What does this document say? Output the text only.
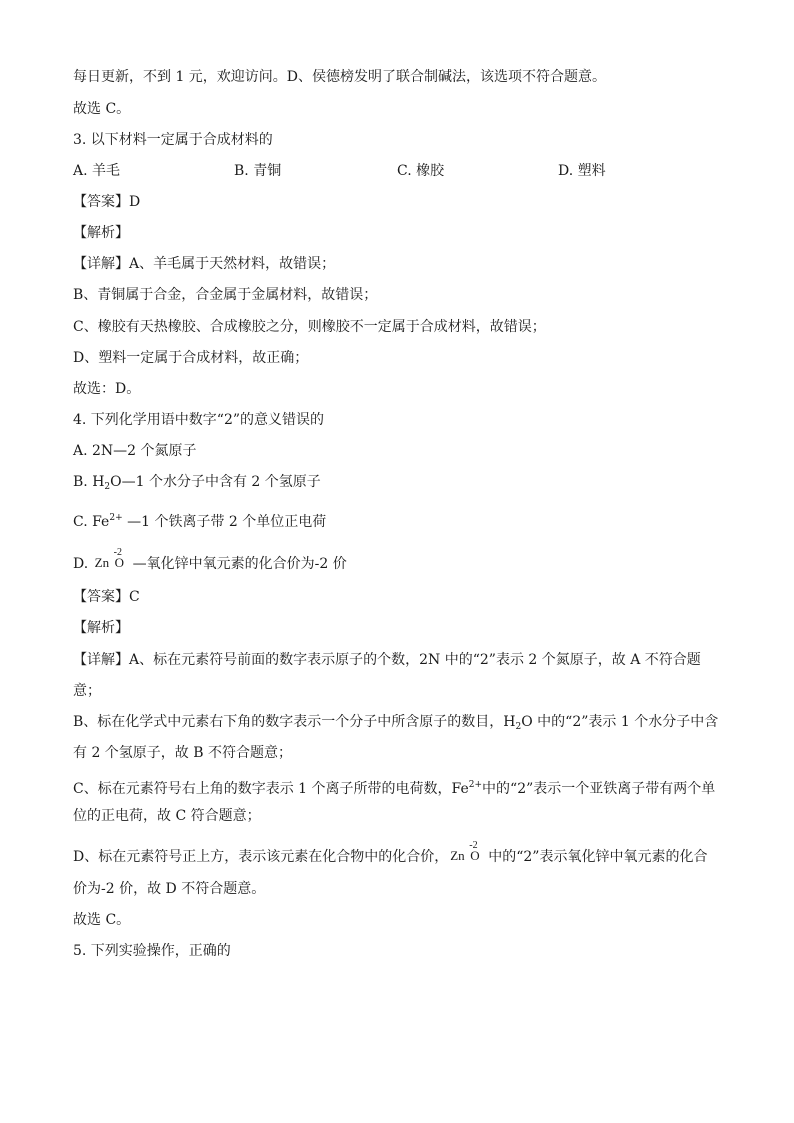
每日更新，不到 1 元，欢迎访问。D、侯德榜发明了联合制碱法，该选项不符合题意。
故选 C。
3. 以下材料一定属于合成材料的
A. 羊毛	B. 青铜	C. 橡胶	D. 塑料
【答案】D
【解析】
【详解】A、羊毛属于天然材料，故错误；
B、青铜属于合金，合金属于金属材料，故错误；
C、橡胶有天热橡胶、合成橡胶之分，则橡胶不一定属于合成材料，故错误；
D、塑料一定属于合成材料，故正确；
故选：D。
4. 下列化学用语中数字“2”的意义错误的
A. 2N—2 个氮原子
B. $H_2O—1$ 个水分子中含有 2 个氢原子
C. $Fe^{2+}$ —1 个铁离子带 2 个单位正电荷
D. Zn O
-2
—氧化锌中氧元素的化合价为-2 价
【答案】C
【解析】
【详解】A、标在元素符号前面的数字表示原子的个数，2N 中的“2”表示 2 个氮原子，故 A 不符合题
意；
B、标在化学式中元素右下角的数字表示一个分子中所含原子的数目，$H_2O$ 中的“2”表示 1 个水分子中含
有 2 个氢原子，故 B 不符合题意；
C、标在元素符号右上角的数字表示 1 个离子所带的电荷数，$Fe^{2+}$中的“2”表示一个亚铁离子带有两个单
位的正电荷，故 C 符合题意；
D、标在元素符号正上方，表示该元素在化合物中的化合价， Zn O
-2
中的“2”表示氧化锌中氧元素的化合
价为-2 价，故 D 不符合题意。
故选 C。
5. 下列实验操作，正确的
